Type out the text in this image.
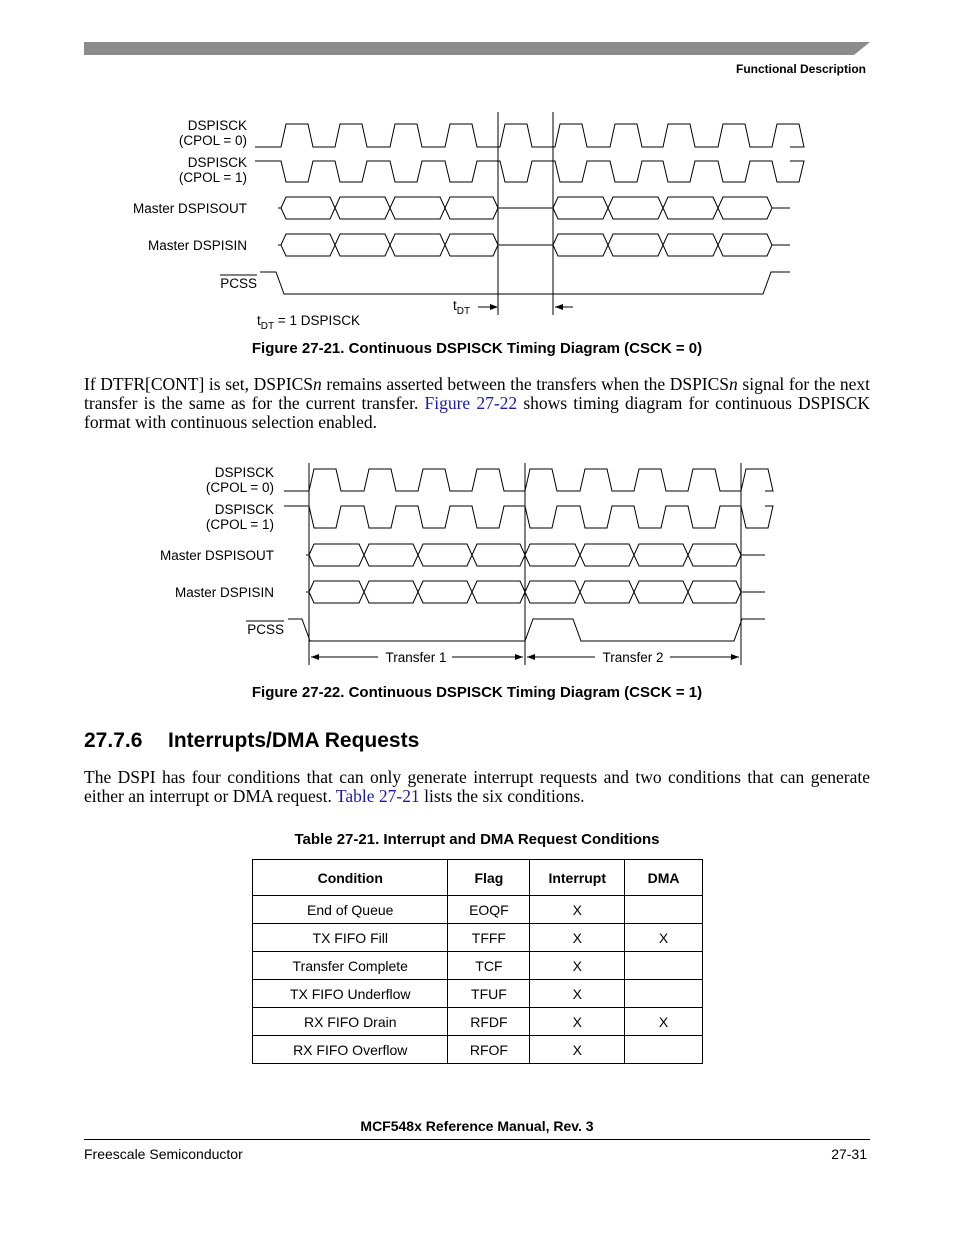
Functional Description
DSPISCK
(CPOL = 0)
DSPISCK
(CPOL = 1)
Master DSPISOUT
Master DSPISIN
PCSS
$t_{DT}$
$t_{DT} = 1$ DSPISCK
Figure 27-21. Continuous DSPISCK Timing Diagram (CSCK = 0)
If DTFR[CONT] is set, DSPICSn remains asserted between the transfers when the DSPICSn signal for the next transfer is the same as for the current transfer. Figure 27-22 shows timing diagram for continuous DSPISCK format with continuous selection enabled.
DSPISCK
(CPOL = 0)
DSPISCK
(CPOL = 1)
Master DSPISOUT
Master DSPISIN
PCSS
Transfer 1	Transfer 2
Figure 27-22. Continuous DSPISCK Timing Diagram (CSCK = 1)
27.7.6 Interrupts/DMA Requests
The DSPI has four conditions that can only generate interrupt requests and two conditions that can generate either an interrupt or DMA request. Table 27-21 lists the six conditions.
Table 27-21. Interrupt and DMA Request Conditions
Condition	Flag	Interrupt	DMA
End of Queue	EOQF	X	
TX FIFO Fill	TFFF	X	X
Transfer Complete	TCF	X	
TX FIFO Underflow	TFUF	X	
RX FIFO Drain	RFDF	X	X
RX FIFO Overflow	RFOF	X	
MCF548x Reference Manual, Rev. 3
Freescale Semiconductor	27-31
